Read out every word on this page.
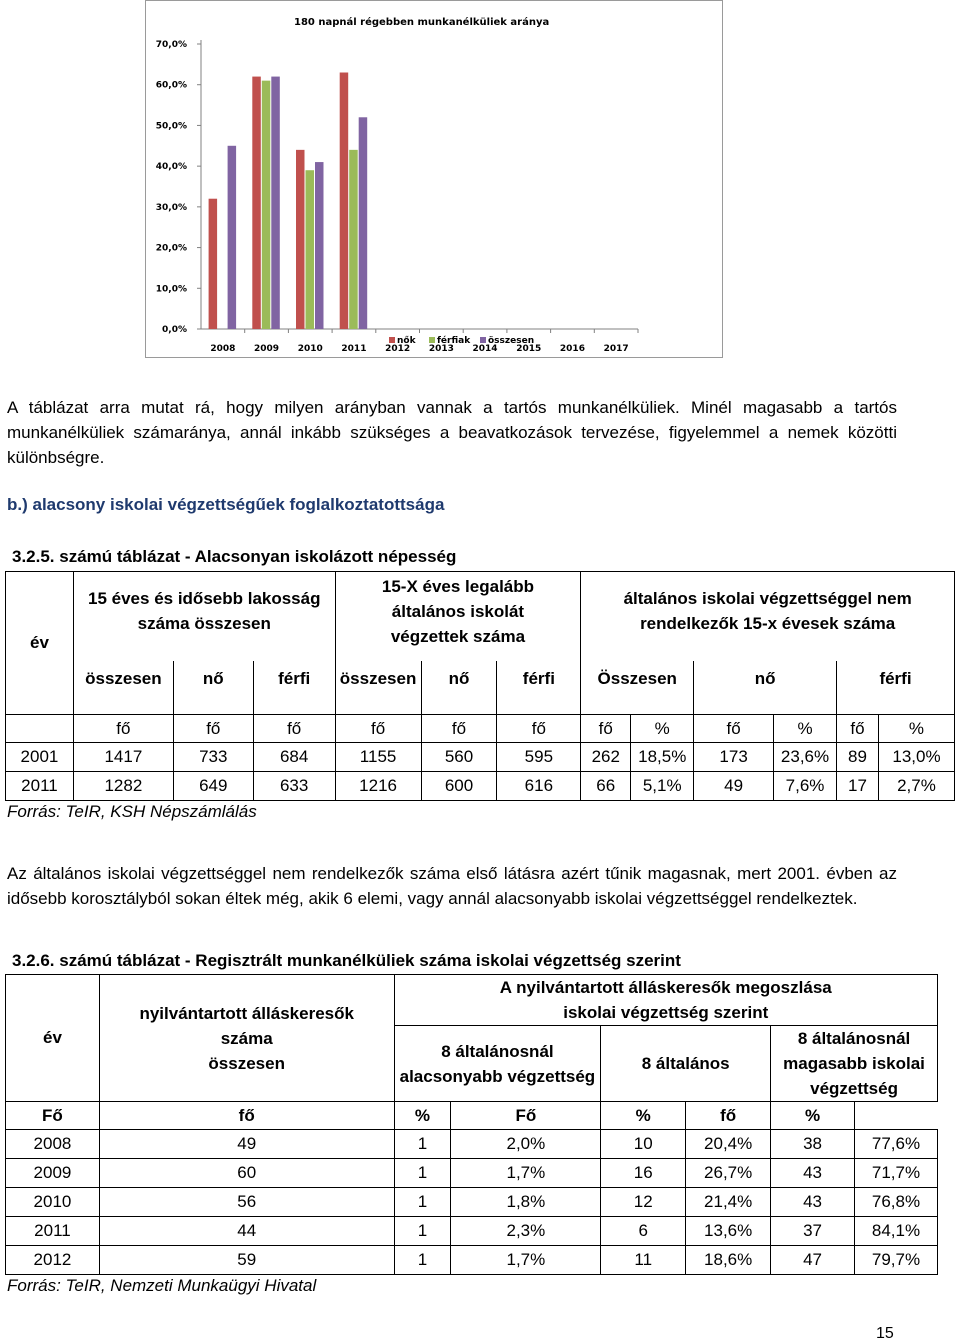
180 napnál régebben munkanélküliek aránya
0,0%
10,0%
20,0%
30,0%
40,0%
50,0%
60,0%
70,0%
2008 2009 2010 2011 2012 2013 2014 2015 2016 2017
nők férfiak összesen
A táblázat arra mutat rá, hogy milyen arányban vannak a tartós munkanélküliek. Minél magasabb a tartós munkanélküliek számaránya, annál inkább szükséges a beavatkozások tervezése, figyelemmel a nemek közötti különbségre.
b.) alacsony iskolai végzettségűek foglalkoztatottsága
3.2.5. számú táblázat - Alacsonyan iskolázott népesség
év	15 éves és idősebb lakosság
száma összesen			15-X éves legalább
általános iskolát
végzettek száma			általános iskolai végzettséggel nem
rendelkezők 15-x évesek száma					

	összesen	nő	férfi	összesen	nő	férfi	Összesen		nő		férfi	
	fő	fő	fő	fő	fő	fő	fő	%	fő	%	fő	%
2001	1417	733	684	1155	560	595	262	18,5%	173	23,6%	89	13,0%
2011	1282	649	633	1216	600	616	66	5,1%	49	7,6%	17	2,7%
Forrás: TeIR, KSH Népszámlálás
Az általános iskolai végzettséggel nem rendelkezők száma első látásra azért tűnik magasnak, mert 2001. évben az idősebb korosztályból sokan éltek még, akik 6 elemi, vagy annál alacsonyabb iskolai végzettséggel rendelkeztek.
3.2.6. számú táblázat - Regisztrált munkanélküliek száma iskolai végzettség szerint
év	nyilvántartott álláskeresők
száma
összesen	A nyilvántartott álláskeresők megoszlása
iskolai végzettség szerint					

		8 általánosnál
alacsonyabb végzettség		8 általános		8 általánosnál
magasabb iskolai
végzettség	

Fő	fő	%	Fő	%	fő	%	
2008	49	1	2,0%	10	20,4%	38	77,6%
2009	60	1	1,7%	16	26,7%	43	71,7%
2010	56	1	1,8%	12	21,4%	43	76,8%
2011	44	1	2,3%	6	13,6%	37	84,1%
2012	59	1	1,7%	11	18,6%	47	79,7%
Forrás: TeIR, Nemzeti Munkaügyi Hivatal
15
